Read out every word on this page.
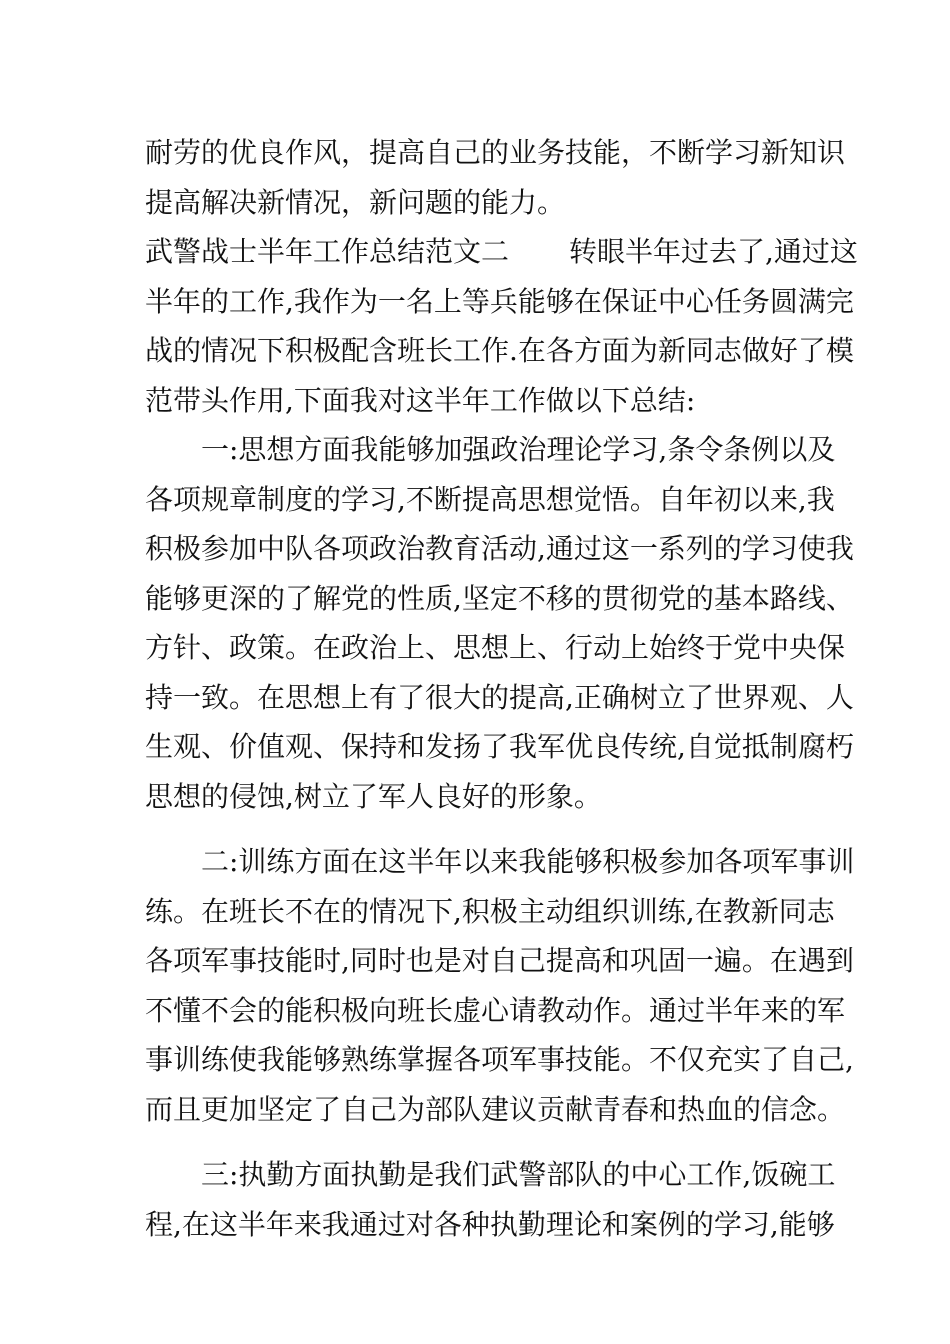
耐劳的优良作风，提高自己的业务技能，不断学习新知识
提高解决新情况，新问题的能力。
武警战士半年工作总结范文二 转眼半年过去了,通过这
半年的工作,我作为一名上等兵能够在保证中心任务圆满完
战的情况下积极配含班长工作.在各方面为新同志做好了模
范带头作用,下面我对这半年工作做以下总结:
一:思想方面我能够加强政治理论学习,条令条例以及
各项规章制度的学习,不断提高思想觉悟。自年初以来,我
积极参加中队各项政治教育活动,通过这一系列的学习使我
能够更深的了解党的性质,坚定不移的贯彻党的基本路线、
方针、政策。在政治上、思想上、行动上始终于党中央保
持一致。在思想上有了很大的提高,正确树立了世界观、人
生观、价值观、保持和发扬了我军优良传统,自觉抵制腐朽
思想的侵蚀,树立了军人良好的形象。
二:训练方面在这半年以来我能够积极参加各项军事训
练。在班长不在的情况下,积极主动组织训练,在教新同志
各项军事技能时,同时也是对自己提高和巩固一遍。在遇到
不懂不会的能积极向班长虚心请教动作。通过半年来的军
事训练使我能够熟练掌握各项军事技能。不仅充实了自己,
而且更加坚定了自己为部队建议贡献青春和热血的信念。
三:执勤方面执勤是我们武警部队的中心工作,饭碗工
程,在这半年来我通过对各种执勤理论和案例的学习,能够
